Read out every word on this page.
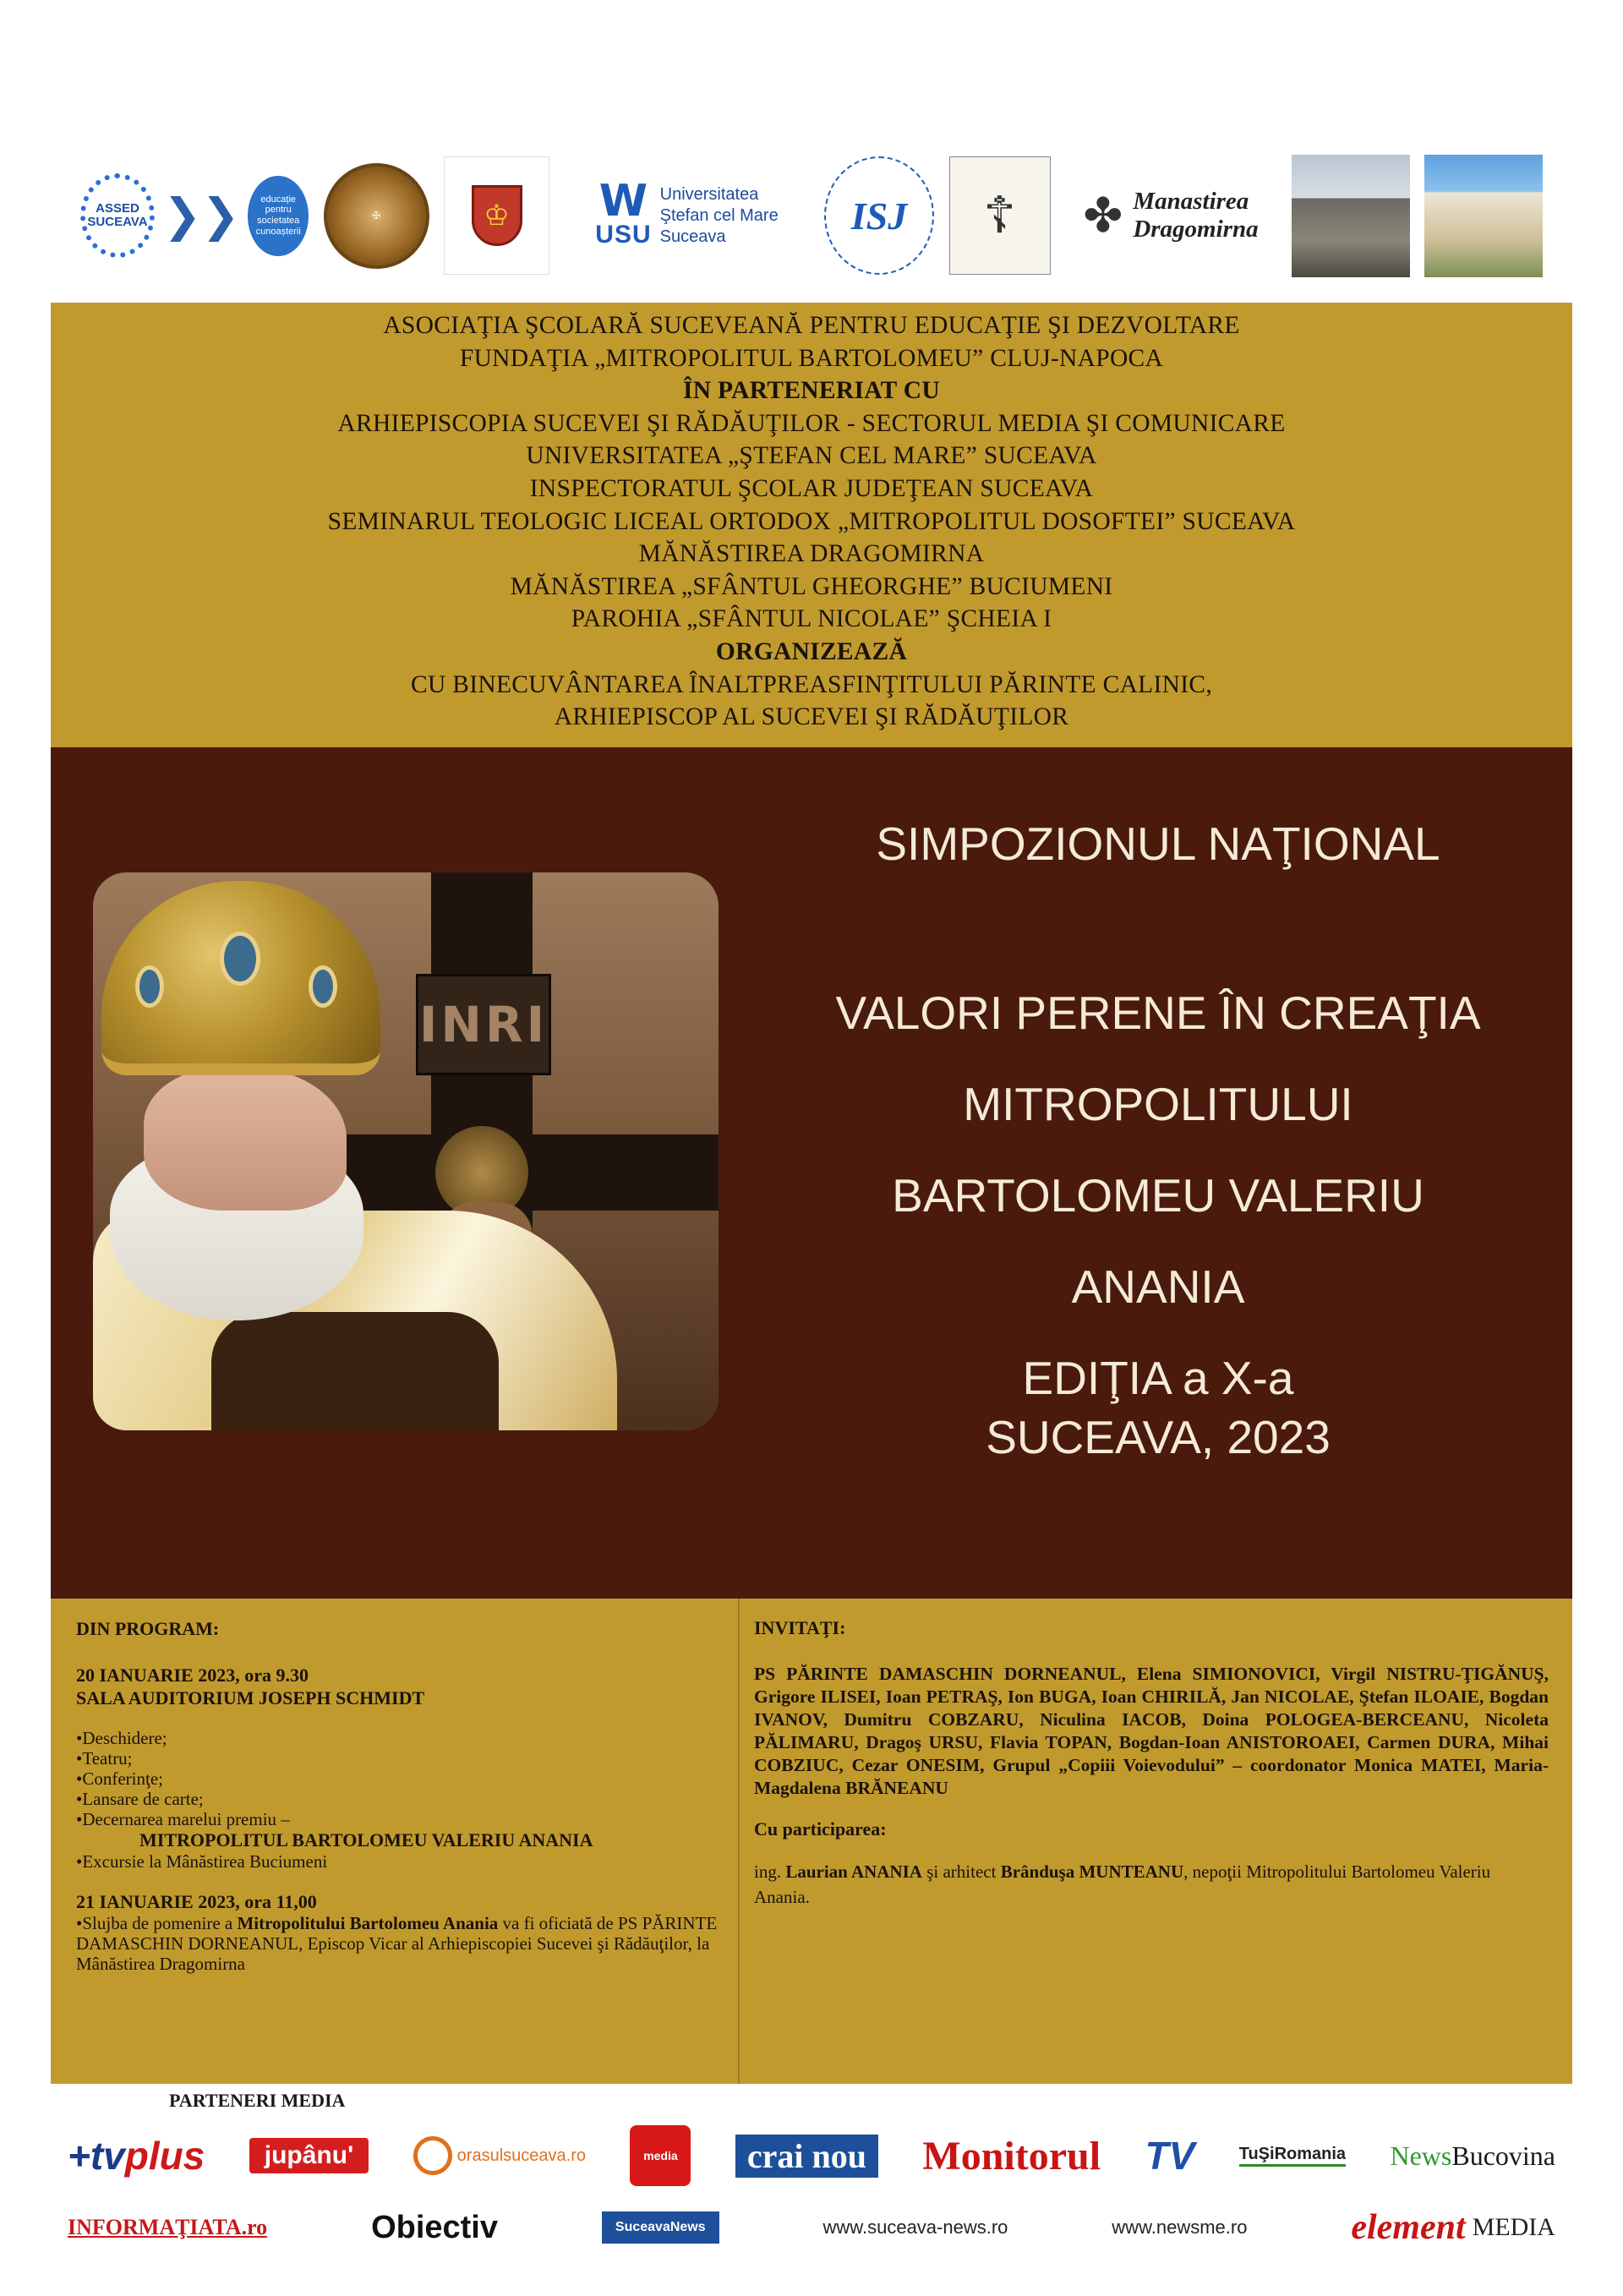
ASSED SUCEAVA ❯❯	educație pentru societatea cunoașterii
✠	♔ W
USU
Universitatea
Ştefan cel Mare
Suceava	ISJ	☦	✤ Manastirea
Dragomirna
ASOCIAŢIA ŞCOLARĂ SUCEVEANĂ PENTRU EDUCAŢIE ŞI DEZVOLTARE
FUNDAŢIA „MITROPOLITUL BARTOLOMEU” CLUJ-NAPOCA
ÎN PARTENERIAT CU
ARHIEPISCOPIA SUCEVEI ŞI RĂDĂUŢILOR - SECTORUL MEDIA ŞI COMUNICARE
UNIVERSITATEA „ŞTEFAN CEL MARE” SUCEAVA
INSPECTORATUL ŞCOLAR JUDEŢEAN SUCEAVA
SEMINARUL TEOLOGIC LICEAL ORTODOX „MITROPOLITUL DOSOFTEI” SUCEAVA
MĂNĂSTIREA DRAGOMIRNA
MĂNĂSTIREA „SFÂNTUL GHEORGHE” BUCIUMENI
PAROHIA „SFÂNTUL NICOLAE” ŞCHEIA I
ORGANIZEAZĂ
CU BINECUVÂNTAREA ÎNALTPREASFINŢITULUI PĂRINTE CALINIC,
ARHIEPISCOP AL SUCEVEI ŞI RĂDĂUŢILOR
INRI
SIMPOZIONUL NAŢIONAL
VALORI PERENE ÎN CREAŢIA
MITROPOLITULUI
BARTOLOMEU VALERIU
ANANIA
EDIŢIA a X-a
SUCEAVA, 2023
DIN PROGRAM:
20 IANUARIE 2023, ora 9.30
SALA AUDITORIUM JOSEPH SCHMIDT
•Deschidere;
•Teatru;
•Conferinţe;
•Lansare de carte;
•Decernarea marelui premiu –
MITROPOLITUL BARTOLOMEU VALERIU ANANIA
•Excursie la Mânăstirea Buciumeni
21 IANUARIE 2023, ora 11,00
•Slujba de pomenire a Mitropolitului Bartolomeu Anania va fi oficiată de PS PĂRINTE DAMASCHIN DORNEANUL, Episcop Vicar al Arhiepiscopiei Sucevei şi Rădăuţilor, la Mânăstirea Dragomirna
INVITAŢI:
PS PĂRINTE DAMASCHIN DORNEANUL, Elena SIMIONOVICI, Virgil NISTRU-ŢIGĂNUŞ, Grigore ILISEI, Ioan PETRAŞ, Ion BUGA, Ioan CHIRILĂ, Jan NICOLAE, Ştefan ILOAIE, Bogdan IVANOV, Dumitru COBZARU, Niculina IACOB, Doina POLOGEA-BERCEANU, Nicoleta PĂLIMARU, Dragoş URSU, Flavia TOPAN, Bogdan-Ioan ANISTOROAEI, Carmen DURA, Mihai COBZIUC, Cezar ONESIM, Grupul „Copiii Voievodului” – coordonator Monica MATEI, Maria-Magdalena BRĂNEANU
Cu participarea:
ing. Laurian ANANIA şi arhitect Brânduşa MUNTEANU, nepoţii Mitropolitului Bartolomeu Valeriu Anania.
PARTENERI MEDIA
+tv plus	jupânu'	orasulsuceava.ro	media	crai nou Monitorul TV	TuŞiRomania News Bucovina
INFORMAŢIATA.ro	Obiectiv	SuceavaNews	www.suceava-news.ro	www.newsme.ro	element MEDIA
